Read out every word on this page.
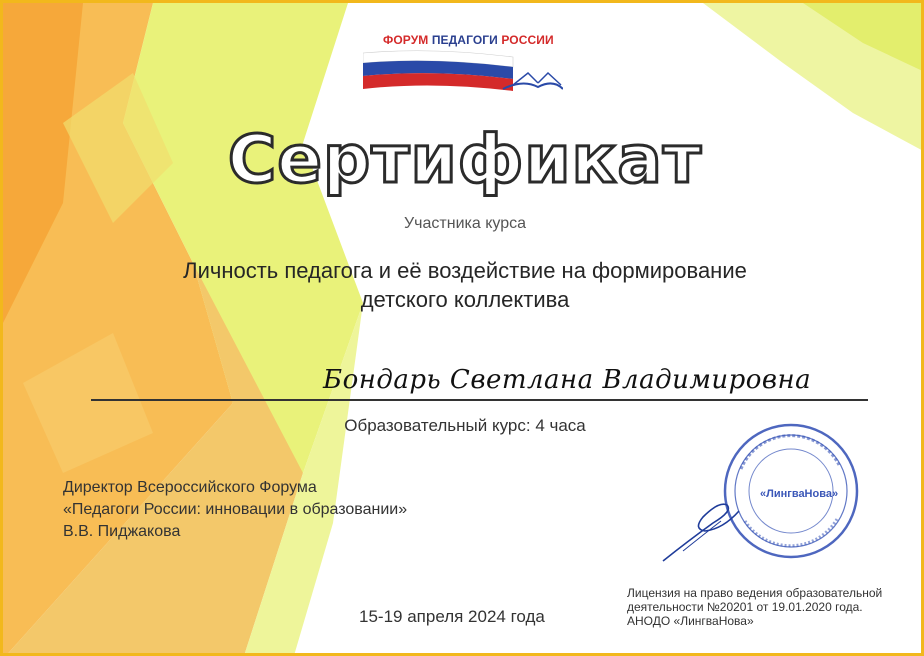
ФОРУМ ПЕДАГОГИ РОССИИ
Сертификат
Участника курса
Личность педагога и её воздействие на формирование
детского коллектива
Бондарь Светлана Владимировна
Образовательный курс: 4 часа
Директор Всероссийского Форума
«Педагоги России: инновации в образовании»
В.В. Пиджакова
«ЛингваНова»
15-19 апреля 2024 года
Лицензия на право ведения образовательной
деятельности №20201 от 19.01.2020 года.
АНОДО «ЛингваНова»
